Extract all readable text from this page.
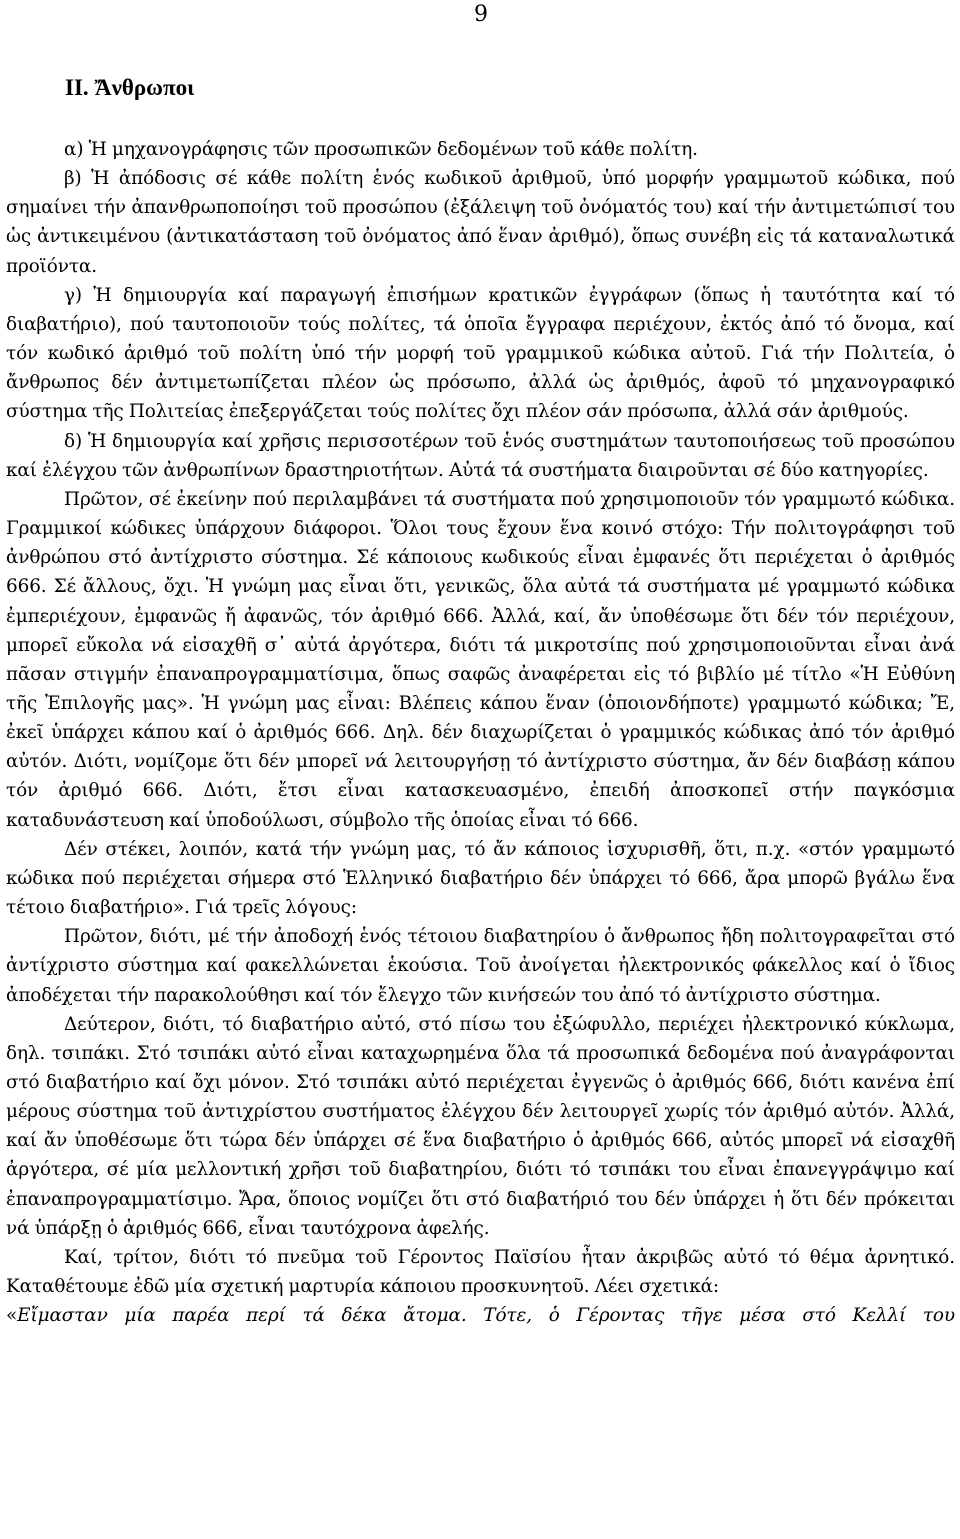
9
ΙΙ. Ἄνθρωποι

α) Ἡ μηχανογράφησις τῶν προσωπικῶν δεδομένων τοῦ κάθε πολίτη.

β) Ἡ ἀπόδοσις σέ κάθε πολίτη ἑνός κωδικοῦ ἀριθμοῦ, ὑπό μορφήν γραμμωτοῦ κώδικα, πού σημαίνει τήν ἀπανθρωποποίησι τοῦ προσώπου (ἐξάλειψη τοῦ ὀνόματός του) καί τήν ἀντιμετώπισί του ὡς ἀντικειμένου (ἀντικατάσταση τοῦ ὀνόματος ἀπό ἕναν ἀριθμό), ὅπως συνέβη εἰς τά καταναλωτικά προϊόντα.

γ) Ἡ δημιουργία καί παραγωγή ἐπισήμων κρατικῶν ἐγγράφων (ὅπως ἡ ταυτότητα καί τό διαβατήριο), πού ταυτοποιοῦν τούς πολίτες, τά ὁποῖα ἔγγραφα περιέχουν, ἐκτός ἀπό τό ὄνομα, καί τόν κωδικό ἀριθμό τοῦ πολίτη ὑπό τήν μορφή τοῦ γραμμικοῦ κώδικα αὐτοῦ. Γιά τήν Πολιτεία, ὁ ἄνθρωπος δέν ἀντιμετωπίζεται πλέον ὡς πρόσωπο, ἀλλά ὡς ἀριθμός, ἀφοῦ τό μηχανογραφικό σύστημα τῆς Πολιτείας ἐπεξεργάζεται τούς πολίτες ὄχι πλέον σάν πρόσωπα, ἀλλά σάν ἀριθμούς.

δ) Ἡ δημιουργία καί χρῆσις περισσοτέρων τοῦ ἑνός συστημάτων ταυτοποιήσεως τοῦ προσώπου καί ἐλέγχου τῶν ἀνθρωπίνων δραστηριοτήτων. Αὐτά τά συστήματα διαιροῦνται σέ δύο κατηγορίες.

Πρῶτον, σέ ἐκείνην πού περιλαμβάνει τά συστήματα πού χρησιμοποιοῦν τόν γραμμωτό κώδικα. Γραμμικοί κώδικες ὑπάρχουν διάφοροι. Ὅλοι τους ἔχουν ἕνα κοινό στόχο: Τήν πολιτογράφησι τοῦ ἀνθρώπου στό ἀντίχριστο σύστημα. Σέ κάποιους κωδικούς εἶναι ἐμφανές ὅτι περιέχεται ὁ ἀριθμός 666. Σέ ἄλλους, ὄχι. Ἡ γνώμη μας εἶναι ὅτι, γενικῶς, ὅλα αὐτά τά συστήματα μέ γραμμωτό κώδικα ἐμπεριέχουν, ἐμφανῶς ἤ ἀφανῶς, τόν ἀριθμό 666. Ἀλλά, καί, ἄν ὑποθέσωμε ὅτι δέν τόν περιέχουν, μπορεῖ εὔκολα νά εἰσαχθῆ σ᾽ αὐτά ἀργότερα, διότι τά μικροτσίπς πού χρησιμοποιοῦνται εἶναι ἀνά πᾶσαν στιγμήν ἐπαναπρογραμματίσιμα, ὅπως σαφῶς ἀναφέρεται εἰς τό βιβλίο μέ τίτλο «Ἡ Εὐθύνη τῆς Ἐπιλογῆς μας». Ἡ γνώμη μας εἶναι: Βλέπεις κάπου ἕναν (ὁποιονδήποτε) γραμμωτό κώδικα; Ἔ, ἐκεῖ ὑπάρχει κάπου καί ὁ ἀριθμός 666. Δηλ. δέν διαχωρίζεται ὁ γραμμικός κώδικας ἀπό τόν ἀριθμό αὐτόν. Διότι, νομίζομε ὅτι δέν μπορεῖ νά λειτουργήσῃ τό ἀντίχριστο σύστημα, ἄν δέν διαβάσῃ κάπου τόν ἀριθμό 666. Διότι, ἔτσι εἶναι κατασκευασμένο, ἐπειδή ἀποσκοπεῖ στήν παγκόσμια καταδυνάστευση καί ὑποδούλωσι, σύμβολο τῆς ὁποίας εἶναι τό 666.

Δέν στέκει, λοιπόν, κατά τήν γνώμη μας, τό ἄν κάποιος ἰσχυρισθῆ, ὅτι, π.χ. «στόν γραμμωτό κώδικα πού περιέχεται σήμερα στό Ἑλληνικό διαβατήριο δέν ὑπάρχει τό 666, ἄρα μπορῶ βγάλω ἕνα τέτοιο διαβατήριο». Γιά τρεῖς λόγους:

Πρῶτον, διότι, μέ τήν ἀποδοχή ἑνός τέτοιου διαβατηρίου ὁ ἄνθρωπος ἤδη πολιτογραφεῖται στό ἀντίχριστο σύστημα καί φακελλώνεται ἑκούσια. Τοῦ ἀνοίγεται ἠλεκτρονικός φάκελλος καί ὁ ἴδιος ἀποδέχεται τήν παρακολούθησι καί τόν ἔλεγχο τῶν κινήσεών του ἀπό τό ἀντίχριστο σύστημα.

Δεύτερον, διότι, τό διαβατήριο αὐτό, στό πίσω του ἐξώφυλλο, περιέχει ἠλεκτρονικό κύκλωμα, δηλ. τσιπάκι. Στό τσιπάκι αὐτό εἶναι καταχωρημένα ὅλα τά προσωπικά δεδομένα πού ἀναγράφονται στό διαβατήριο καί ὄχι μόνον. Στό τσιπάκι αὐτό περιέχεται ἐγγενῶς ὁ ἀριθμός 666, διότι κανένα ἐπί μέρους σύστημα τοῦ ἀντιχρίστου συστήματος ἐλέγχου δέν λειτουργεῖ χωρίς τόν ἀριθμό αὐτόν. Ἀλλά, καί ἄν ὑποθέσωμε ὅτι τώρα δέν ὑπάρχει σέ ἕνα διαβατήριο ὁ ἀριθμός 666, αὐτός μπορεῖ νά εἰσαχθῆ ἀργότερα, σέ μία μελλοντική χρῆσι τοῦ διαβατηρίου, διότι τό τσιπάκι του εἶναι ἐπανεγγράψιμο καί ἐπαναπρογραμματίσιμο. Ἄρα, ὅποιος νομίζει ὅτι στό διαβατήριό του δέν ὑπάρχει ἡ ὅτι δέν πρόκειται νά ὑπάρξῃ ὁ ἀριθμός 666, εἶναι ταυτόχρονα ἀφελής.

Καί, τρίτον, διότι τό πνεῦμα τοῦ Γέροντος Παϊσίου ἦταν ἀκριβῶς αὐτό τό θέμα ἀρνητικό. Καταθέτουμε ἐδῶ μία σχετική μαρτυρία κάποιου προσκυνητοῦ. Λέει σχετικά:

«Εἴμασταν μία παρέα περί τά δέκα ἄτομα. Τότε, ὁ Γέροντας τῆγε μέσα στό Κελλί του
